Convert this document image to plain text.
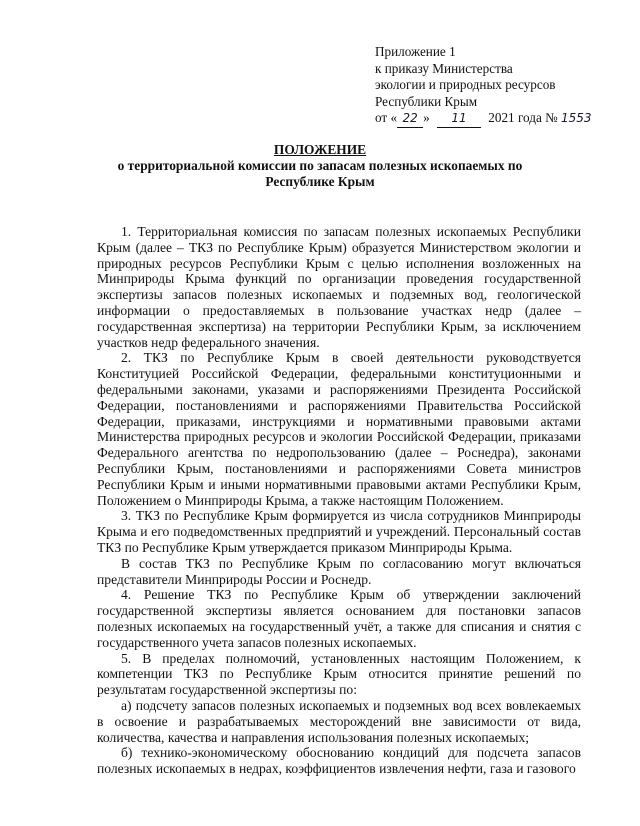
Приложение 1
к приказу Министерства
экологии и природных ресурсов
Республики Крым
от « 22 » 11 2021 года № 1553
ПОЛОЖЕНИЕ
о территориальной комиссии по запасам полезных ископаемых по
Республике Крым

1. Территориальная комиссия по запасам полезных ископаемых Республики Крым (далее – ТКЗ по Республике Крым) образуется Министерством экологии и природных ресурсов Республики Крым с целью исполнения возложенных на Минприроды Крыма функций по организации проведения государственной экспертизы запасов полезных ископаемых и подземных вод, геологической информации о предоставляемых в пользование участках недр (далее – государственная экспертиза) на территории Республики Крым, за исключением участков недр федерального значения.

2. ТКЗ по Республике Крым в своей деятельности руководствуется Конституцией Российской Федерации, федеральными конституционными и федеральными законами, указами и распоряжениями Президента Российской Федерации, постановлениями и распоряжениями Правительства Российской Федерации, приказами, инструкциями и нормативными правовыми актами Министерства природных ресурсов и экологии Российской Федерации, приказами Федерального агентства по недропользованию (далее – Роснедра), законами Республики Крым, постановлениями и распоряжениями Совета министров Республики Крым и иными нормативными правовыми актами Республики Крым, Положением о Минприроды Крыма, а также настоящим Положением.

3. ТКЗ по Республике Крым формируется из числа сотрудников Минприроды Крыма и его подведомственных предприятий и учреждений. Персональный состав ТКЗ по Республике Крым утверждается приказом Минприроды Крыма.

В состав ТКЗ по Республике Крым по согласованию могут включаться представители Минприроды России и Роснедр.

4. Решение ТКЗ по Республике Крым об утверждении заключений государственной экспертизы является основанием для постановки запасов полезных ископаемых на государственный учёт, а также для списания и снятия с государственного учета запасов полезных ископаемых.

5. В пределах полномочий, установленных настоящим Положением, к компетенции ТКЗ по Республике Крым относится принятие решений по результатам государственной экспертизы по:

а) подсчету запасов полезных ископаемых и подземных вод всех вовлекаемых в освоение и разрабатываемых месторождений вне зависимости от вида, количества, качества и направления использования полезных ископаемых;

б) технико-экономическому обоснованию кондиций для подсчета запасов полезных ископаемых в недрах, коэффициентов извлечения нефти, газа и газового
